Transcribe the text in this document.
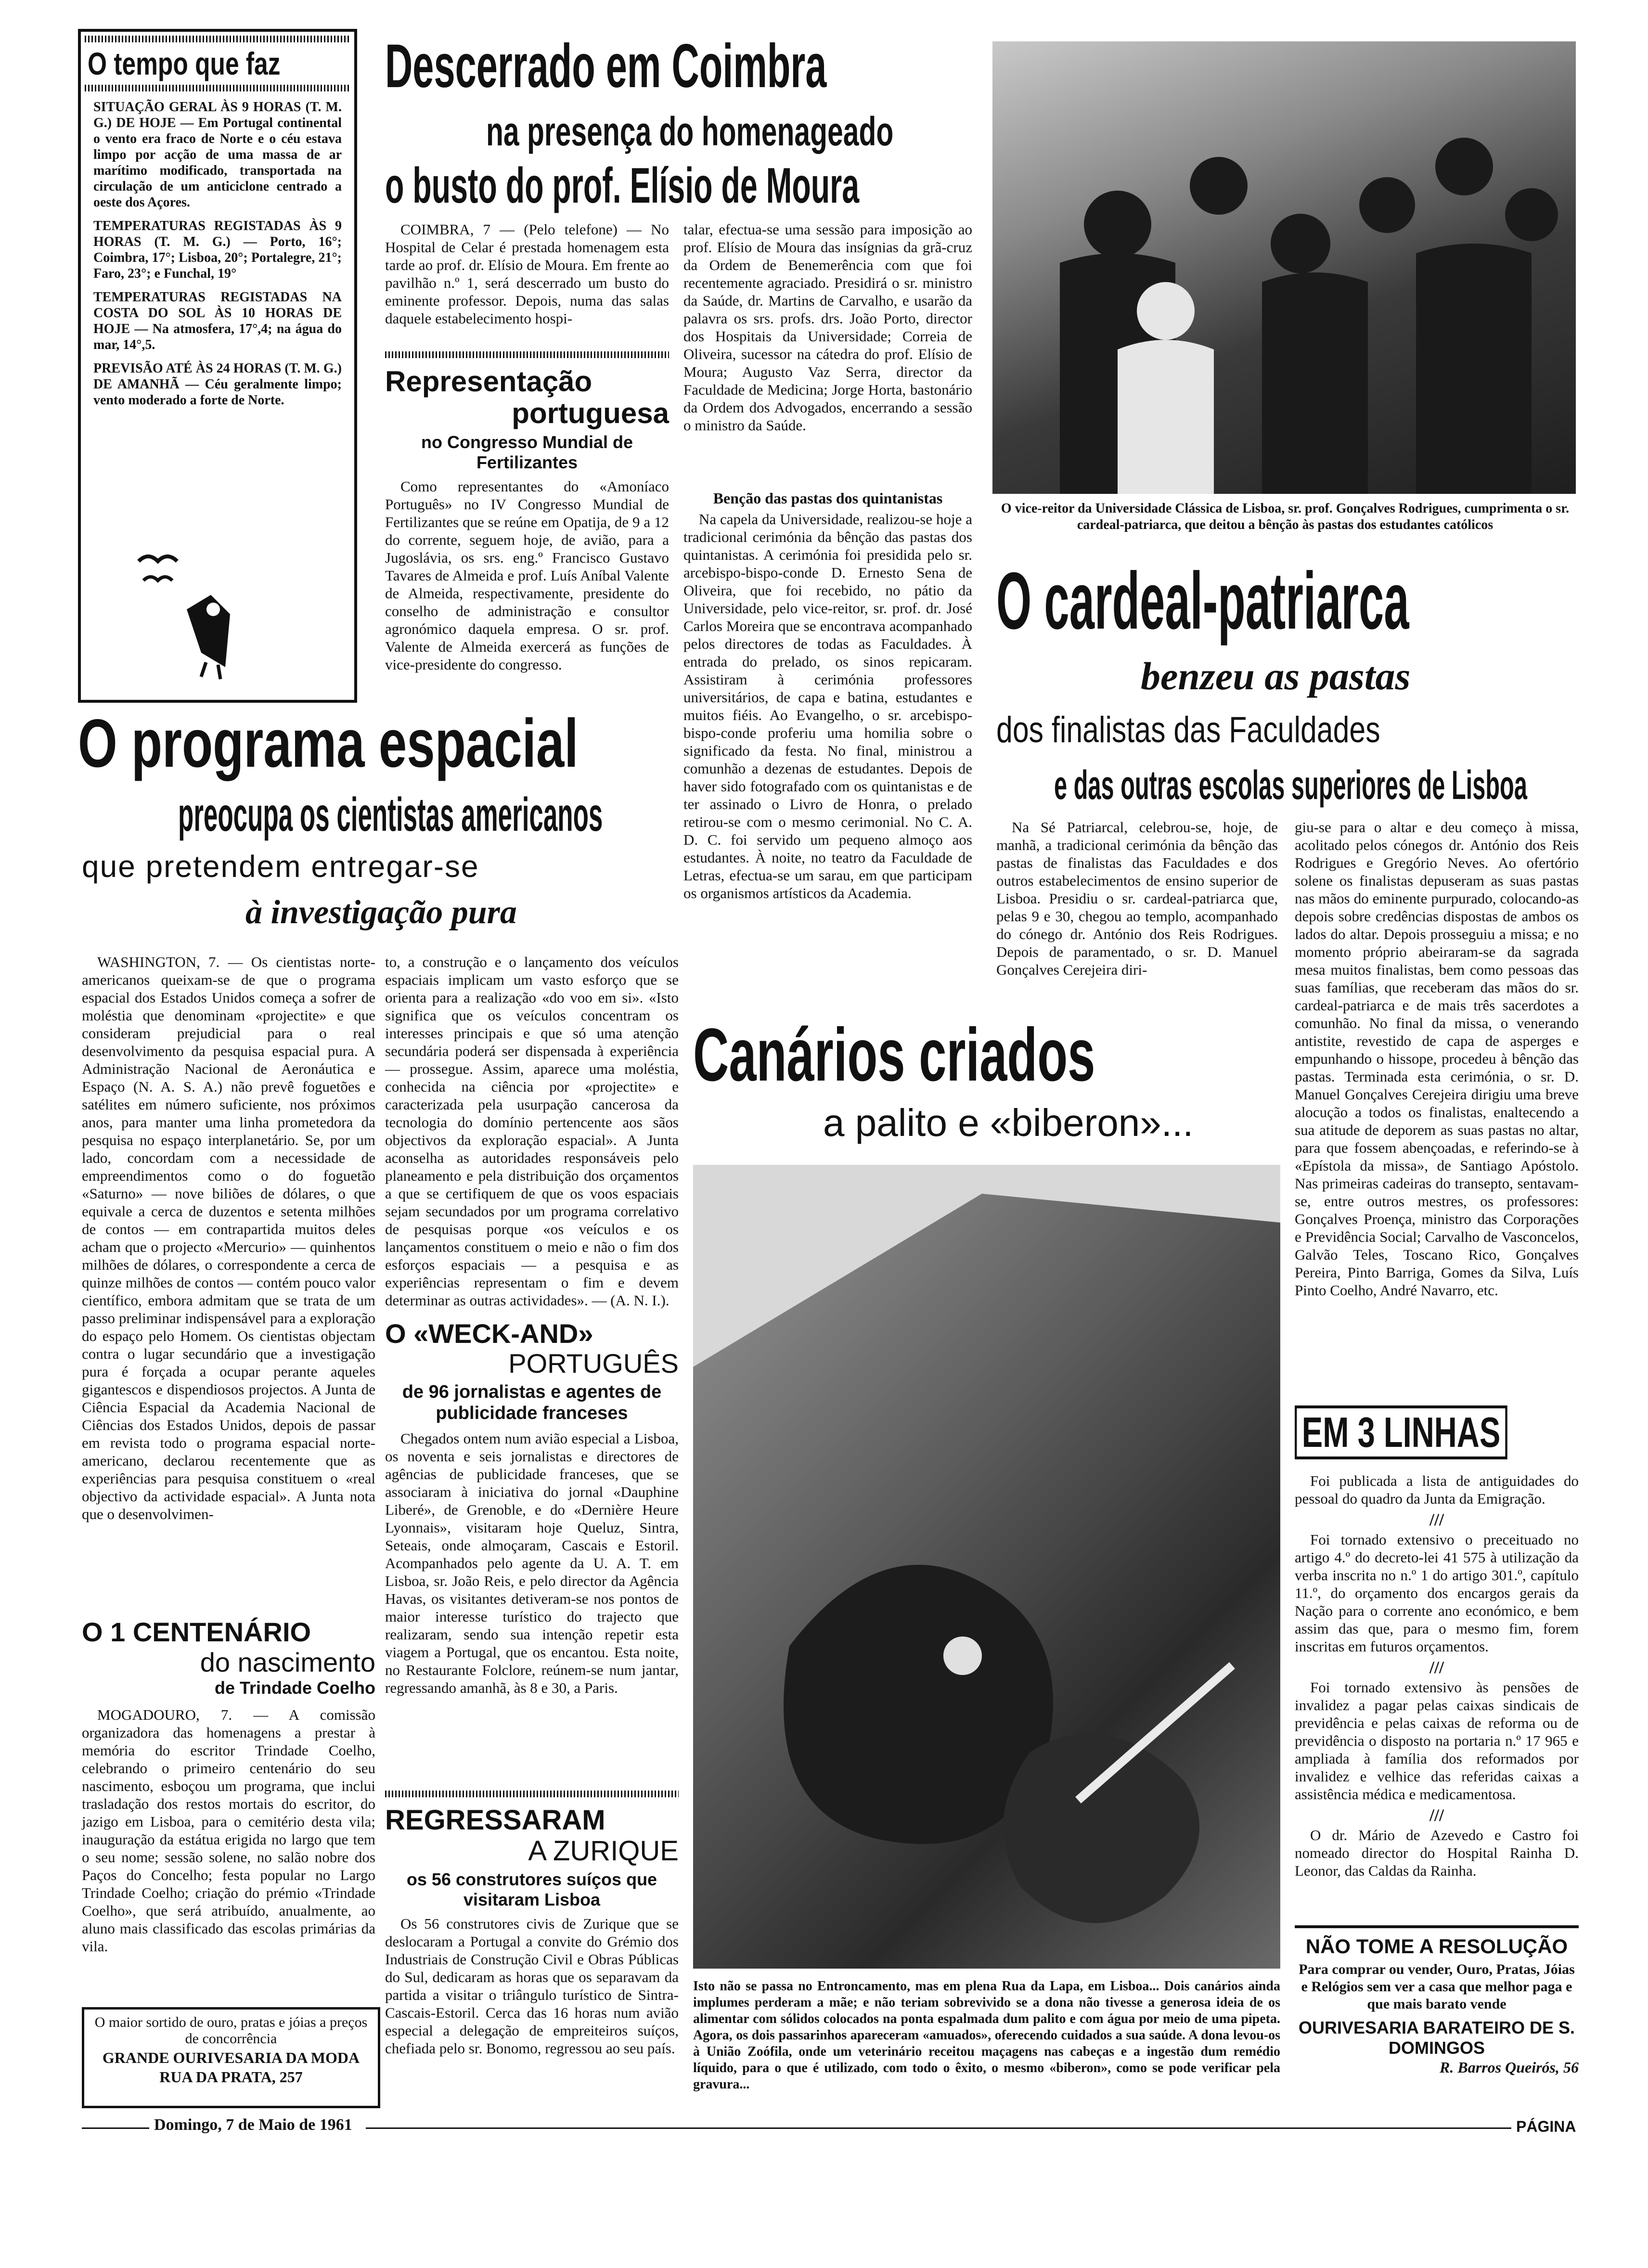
O tempo que faz

SITUAÇÃO GERAL ÀS 9 HORAS (T. M. G.) DE HOJE — Em Portugal continental o vento era fraco de Norte e o céu estava limpo por acção de uma massa de ar marítimo modificado, transportada na circulação de um anticiclone centrado a oeste dos Açores.

TEMPERATURAS REGISTADAS ÀS 9 HORAS (T. M. G.) — Porto, 16°; Coimbra, 17°; Lisboa, 20°; Portalegre, 21°; Faro, 23°; e Funchal, 19°

TEMPERATURAS REGISTADAS NA COSTA DO SOL ÀS 10 HORAS DE HOJE — Na atmosfera, 17°,4; na água do mar, 14°,5.

PREVISÃO ATÉ ÀS 24 HORAS (T. M. G.) DE AMANHÃ — Céu geralmente limpo; vento moderado a forte de Norte.

Descerrado em Coimbra
na presença do homenageado
o busto do prof. Elísio de Moura

COIMBRA, 7 — (Pelo telefone) — No Hospital de Celar é prestada homenagem esta tarde ao prof. dr. Elísio de Moura. Em frente ao pavilhão n.º 1, será descerrado um busto do eminente professor. Depois, numa das salas daquele estabelecimento hospi-

talar, efectua-se uma sessão para imposição ao prof. Elísio de Moura das insígnias da grã-cruz da Ordem de Benemerência com que foi recentemente agraciado. Presidirá o sr. ministro da Saúde, dr. Martins de Carvalho, e usarão da palavra os srs. profs. drs. João Porto, director dos Hospitais da Universidade; Correia de Oliveira, sucessor na cátedra do prof. Elísio de Moura; Augusto Vaz Serra, director da Faculdade de Medicina; Jorge Horta, bastonário da Ordem dos Advogados, encerrando a sessão o ministro da Saúde.

Representação
portuguesa
no Congresso Mundial de Fertilizantes

Como representantes do «Amoníaco Português» no IV Congresso Mundial de Fertilizantes que se reúne em Opatija, de 9 a 12 do corrente, seguem hoje, de avião, para a Jugoslávia, os srs. eng.º Francisco Gustavo Tavares de Almeida e prof. Luís Aníbal Valente de Almeida, respectivamente, presidente do conselho de administração e consultor agronómico daquela empresa. O sr. prof. Valente de Almeida exercerá as funções de vice-presidente do congresso.

Benção das pastas dos quintanistas

Na capela da Universidade, realizou-se hoje a tradicional cerimónia da bênção das pastas dos quintanistas. A cerimónia foi presidida pelo sr. arcebispo-bispo-conde D. Ernesto Sena de Oliveira, que foi recebido, no pátio da Universidade, pelo vice-reitor, sr. prof. dr. José Carlos Moreira que se encontrava acompanhado pelos directores de todas as Faculdades. À entrada do prelado, os sinos repicaram. Assistiram à cerimónia professores universitários, de capa e batina, estudantes e muitos fiéis. Ao Evangelho, o sr. arcebispo-bispo-conde proferiu uma homilia sobre o significado da festa. No final, ministrou a comunhão a dezenas de estudantes. Depois de haver sido fotografado com os quintanistas e de ter assinado o Livro de Honra, o prelado retirou-se com o mesmo cerimonial. No C. A. D. C. foi servido um pequeno almoço aos estudantes. À noite, no teatro da Faculdade de Letras, efectua-se um sarau, em que participam os organismos artísticos da Academia.

O vice-reitor da Universidade Clássica de Lisboa, sr. prof. Gonçalves Rodrigues, cumprimenta o sr. cardeal-patriarca, que deitou a bênção às pastas dos estudantes católicos
O cardeal-patriarca
benzeu as pastas
dos finalistas das Faculdades
e das outras escolas superiores de Lisboa

Na Sé Patriarcal, celebrou-se, hoje, de manhã, a tradicional cerimónia da bênção das pastas de finalistas das Faculdades e dos outros estabelecimentos de ensino superior de Lisboa. Presidiu o sr. cardeal-patriarca que, pelas 9 e 30, chegou ao templo, acompanhado do cónego dr. António dos Reis Rodrigues. Depois de paramentado, o sr. D. Manuel Gonçalves Cerejeira diri-

giu-se para o altar e deu começo à missa, acolitado pelos cónegos dr. António dos Reis Rodrigues e Gregório Neves. Ao ofertório solene os finalistas depuseram as suas pastas nas mãos do eminente purpurado, colocando-as depois sobre credências dispostas de ambos os lados do altar. Depois prosseguiu a missa; e no momento próprio abeiraram-se da sagrada mesa muitos finalistas, bem como pessoas das suas famílias, que receberam das mãos do sr. cardeal-patriarca e de mais três sacerdotes a comunhão. No final da missa, o venerando antistite, revestido de capa de asperges e empunhando o hissope, procedeu à bênção das pastas. Terminada esta cerimónia, o sr. D. Manuel Gonçalves Cerejeira dirigiu uma breve alocução a todos os finalistas, enaltecendo a sua atitude de deporem as suas pastas no altar, para que fossem abençoadas, e referindo-se à «Epístola da missa», de Santiago Apóstolo. Nas primeiras cadeiras do transepto, sentavam-se, entre outros mestres, os professores: Gonçalves Proença, ministro das Corporações e Previdência Social; Carvalho de Vasconcelos, Galvão Teles, Toscano Rico, Gonçalves Pereira, Pinto Barriga, Gomes da Silva, Luís Pinto Coelho, André Navarro, etc.

O programa espacial
preocupa os cientistas americanos
que pretendem entregar-se
à investigação pura

WASHINGTON, 7. — Os cientistas norte-americanos queixam-se de que o programa espacial dos Estados Unidos começa a sofrer de moléstia que denominam «projectite» e que consideram prejudicial para o real desenvolvimento da pesquisa espacial pura. A Administração Nacional de Aeronáutica e Espaço (N. A. S. A.) não prevê foguetões e satélites em número suficiente, nos próximos anos, para manter uma linha prometedora da pesquisa no espaço interplanetário. Se, por um lado, concordam com a necessidade de empreendimentos como o do foguetão «Saturno» — nove biliões de dólares, o que equivale a cerca de duzentos e setenta milhões de contos — em contrapartida muitos deles acham que o projecto «Mercurio» — quinhentos milhões de dólares, o correspondente a cerca de quinze milhões de contos — contém pouco valor científico, embora admitam que se trata de um passo preliminar indispensável para a exploração do espaço pelo Homem. Os cientistas objectam contra o lugar secundário que a investigação pura é forçada a ocupar perante aqueles gigantescos e dispendiosos projectos. A Junta de Ciência Espacial da Academia Nacional de Ciências dos Estados Unidos, depois de passar em revista todo o programa espacial norte-americano, declarou recentemente que as experiências para pesquisa constituem o «real objectivo da actividade espacial». A Junta nota que o desenvolvimen-

to, a construção e o lançamento dos veículos espaciais implicam um vasto esforço que se orienta para a realização «do voo em si». «Isto significa que os veículos concentram os interesses principais e que só uma atenção secundária poderá ser dispensada à experiência — prossegue. Assim, aparece uma moléstia, conhecida na ciência por «projectite» e caracterizada pela usurpação cancerosa da tecnologia do domínio pertencente aos sãos objectivos da exploração espacial». A Junta aconselha as autoridades responsáveis pelo planeamento e pela distribuição dos orçamentos a que se certifiquem de que os voos espaciais sejam secundados por um programa correlativo de pesquisas porque «os veículos e os lançamentos constituem o meio e não o fim dos esforços espaciais — a pesquisa e as experiências representam o fim e devem determinar as outras actividades». — (A. N. I.).

O 1 CENTENÁRIO
do nascimento
de Trindade Coelho

MOGADOURO, 7. — A comissão organizadora das homenagens a prestar à memória do escritor Trindade Coelho, celebrando o primeiro centenário do seu nascimento, esboçou um programa, que inclui trasladação dos restos mortais do escritor, do jazigo em Lisboa, para o cemitério desta vila; inauguração da estátua erigida no largo que tem o seu nome; sessão solene, no salão nobre dos Paços do Concelho; festa popular no Largo Trindade Coelho; criação do prémio «Trindade Coelho», que será atribuído, anualmente, ao aluno mais classificado das escolas primárias da vila.

O maior sortido de ouro, pratas e jóias a preços de concorrência
GRANDE OURIVESARIA DA MODA
RUA DA PRATA, 257
O «WECK-AND»
PORTUGUÊS
de 96 jornalistas e agentes de publicidade franceses

Chegados ontem num avião especial a Lisboa, os noventa e seis jornalistas e directores de agências de publicidade franceses, que se associaram à iniciativa do jornal «Dauphine Liberé», de Grenoble, e do «Dernière Heure Lyonnais», visitaram hoje Queluz, Sintra, Seteais, onde almoçaram, Cascais e Estoril. Acompanhados pelo agente da U. A. T. em Lisboa, sr. João Reis, e pelo director da Agência Havas, os visitantes detiveram-se nos pontos de maior interesse turístico do trajecto que realizaram, sendo sua intenção repetir esta viagem a Portugal, que os encantou. Esta noite, no Restaurante Folclore, reúnem-se num jantar, regressando amanhã, às 8 e 30, a Paris.

REGRESSARAM
A ZURIQUE
os 56 construtores suíços que visitaram Lisboa

Os 56 construtores civis de Zurique que se deslocaram a Portugal a convite do Grémio dos Industriais de Construção Civil e Obras Públicas do Sul, dedicaram as horas que os separavam da partida a visitar o triângulo turístico de Sintra-Cascais-Estoril. Cerca das 16 horas num avião especial a delegação de empreiteiros suíços, chefiada pelo sr. Bonomo, regressou ao seu país.

Canários criados
a palito e «biberon»...
Isto não se passa no Entroncamento, mas em plena Rua da Lapa, em Lisboa... Dois canários ainda implumes perderam a mãe; e não teriam sobrevivido se a dona não tivesse a generosa ideia de os alimentar com sólidos colocados na ponta espalmada dum palito e com água por meio de uma pipeta. Agora, os dois passarinhos apareceram «amuados», oferecendo cuidados a sua saúde. A dona levou-os à União Zoófila, onde um veterinário receitou maçagens nas cabeças e a ingestão dum remédio líquido, para o que é utilizado, com todo o êxito, o mesmo «biberon», como se pode verificar pela gravura...
EM 3 LINHAS

Foi publicada a lista de antiguidades do pessoal do quadro da Junta da Emigração.

///

Foi tornado extensivo o preceituado no artigo 4.º do decreto-lei 41 575 à utilização da verba inscrita no n.º 1 do artigo 301.º, capítulo 11.º, do orçamento dos encargos gerais da Nação para o corrente ano económico, e bem assim das que, para o mesmo fim, forem inscritas em futuros orçamentos.

///

Foi tornado extensivo às pensões de invalidez a pagar pelas caixas sindicais de previdência e pelas caixas de reforma ou de previdência o disposto na portaria n.º 17 965 e ampliada à família dos reformados por invalidez e velhice das referidas caixas a assistência médica e medicamentosa.

///

O dr. Mário de Azevedo e Castro foi nomeado director do Hospital Rainha D. Leonor, das Caldas da Rainha.

NÃO TOME A RESOLUÇÃO
Para comprar ou vender, Ouro, Pratas, Jóias e Relógios sem ver a casa que melhor paga e que mais barato vende
OURIVESARIA BARATEIRO DE S. DOMINGOS
R. Barros Queirós, 56
Domingo, 7 de Maio de 1961	PÁGINA
